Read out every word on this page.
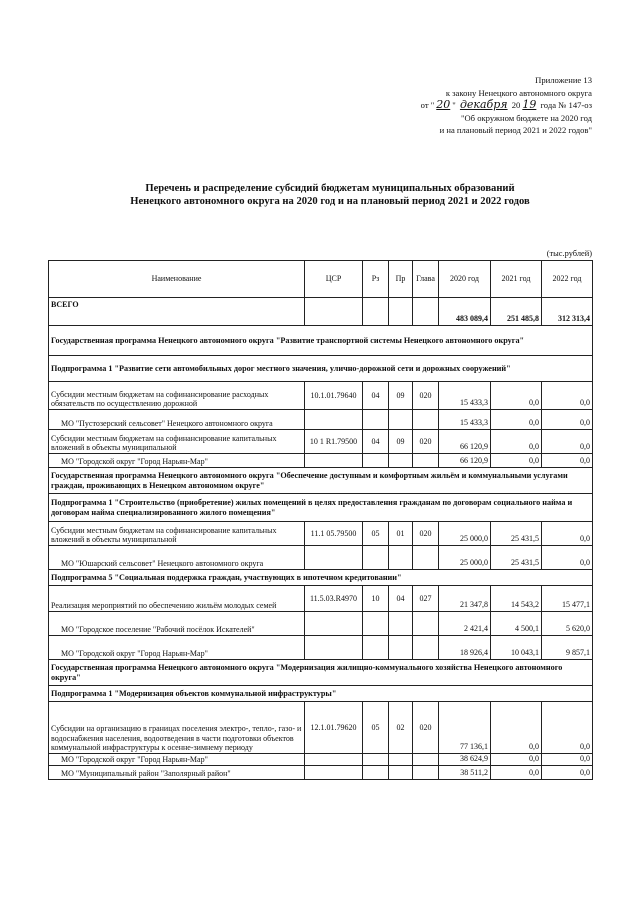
Приложение 13
к закону Ненецкого автономного округа
от " 20 " декабря 20 19 года № 147-оз
"Об окружном бюджете на 2020 год
и на плановый период 2021 и 2022 годов"
Перечень и распределение субсидий бюджетам муниципальных образований
Ненецкого автономного округа на 2020 год и на плановый период 2021 и 2022 годов
(тыс.рублей)
Наименование	ЦСР	Рз	Пр	Глава	2020 год	2021 год	2022 год
ВСЕГО					483 089,4	251 485,8	312 313,4
Государственная программа Ненецкого автономного округа "Развитие транспортной системы Ненецкого автономного округа"							
Подпрограмма 1 "Развитие сети автомобильных дорог местного значения, улично-дорожной сети и дорожных сооружений"							
Субсидии местным бюджетам на софинансирование расходных обязательств по осуществлению дорожной	10.1.01.79640	04	09	020	15 433,3	0,0	0,0
МО "Пустозерский сельсовет" Ненецкого автономного округа					15 433,3	0,0	0,0
Субсидии местным бюджетам на софинансирование капитальных вложений в объекты муниципальной	10 1 R1.79500	04	09	020	66 120,9	0,0	0,0
МО "Городской округ "Город Нарьян-Мар"					66 120,9	0,0	0,0
Государственная программа Ненецкого автономного округа "Обеспечение доступным и комфортным жильём и коммунальными услугами граждан, проживающих в Ненецком автономном округе"							
Подпрограмма 1 "Строительство (приобретение) жилых помещений в целях предоставления гражданам по договорам социального найма и договорам найма специализированного жилого помещения"							
Субсидии местным бюджетам на софинансирование капитальных вложений в объекты муниципальной	11.1 05.79500	05	01	020	25 000,0	25 431,5	0,0
МО "Юшарский сельсовет" Ненецкого автономного округа					25 000,0	25 431,5	0,0
Подпрограмма 5 "Социальная поддержка граждан, участвующих в ипотечном кредитовании"							
Реализация мероприятий по обеспечению жильём молодых семей	11.5.03.R4970	10	04	027	21 347,8	14 543,2	15 477,1
МО "Городское поселение "Рабочий посёлок Искателей"					2 421,4	4 500,1	5 620,0
МО "Городской округ "Город Нарьян-Мар"					18 926,4	10 043,1	9 857,1
Государственная программа Ненецкого автономного округа "Модернизация жилищно-коммунального хозяйства Ненецкого автономного округа"							
Подпрограмма 1 "Модернизация объектов коммунальной инфраструктуры"							
Субсидии на организацию в границах поселения электро-, тепло-, газо- и водоснабжения населения, водоотведения в части подготовки объектов коммунальной инфраструктуры к осенне-зимнему периоду	12.1.01.79620	05	02	020	77 136,1	0,0	0,0
МО "Городской округ "Город Нарьян-Мар"					38 624,9	0,0	0,0
МО "Муниципальный район "Заполярный район"					38 511,2	0,0	0,0
